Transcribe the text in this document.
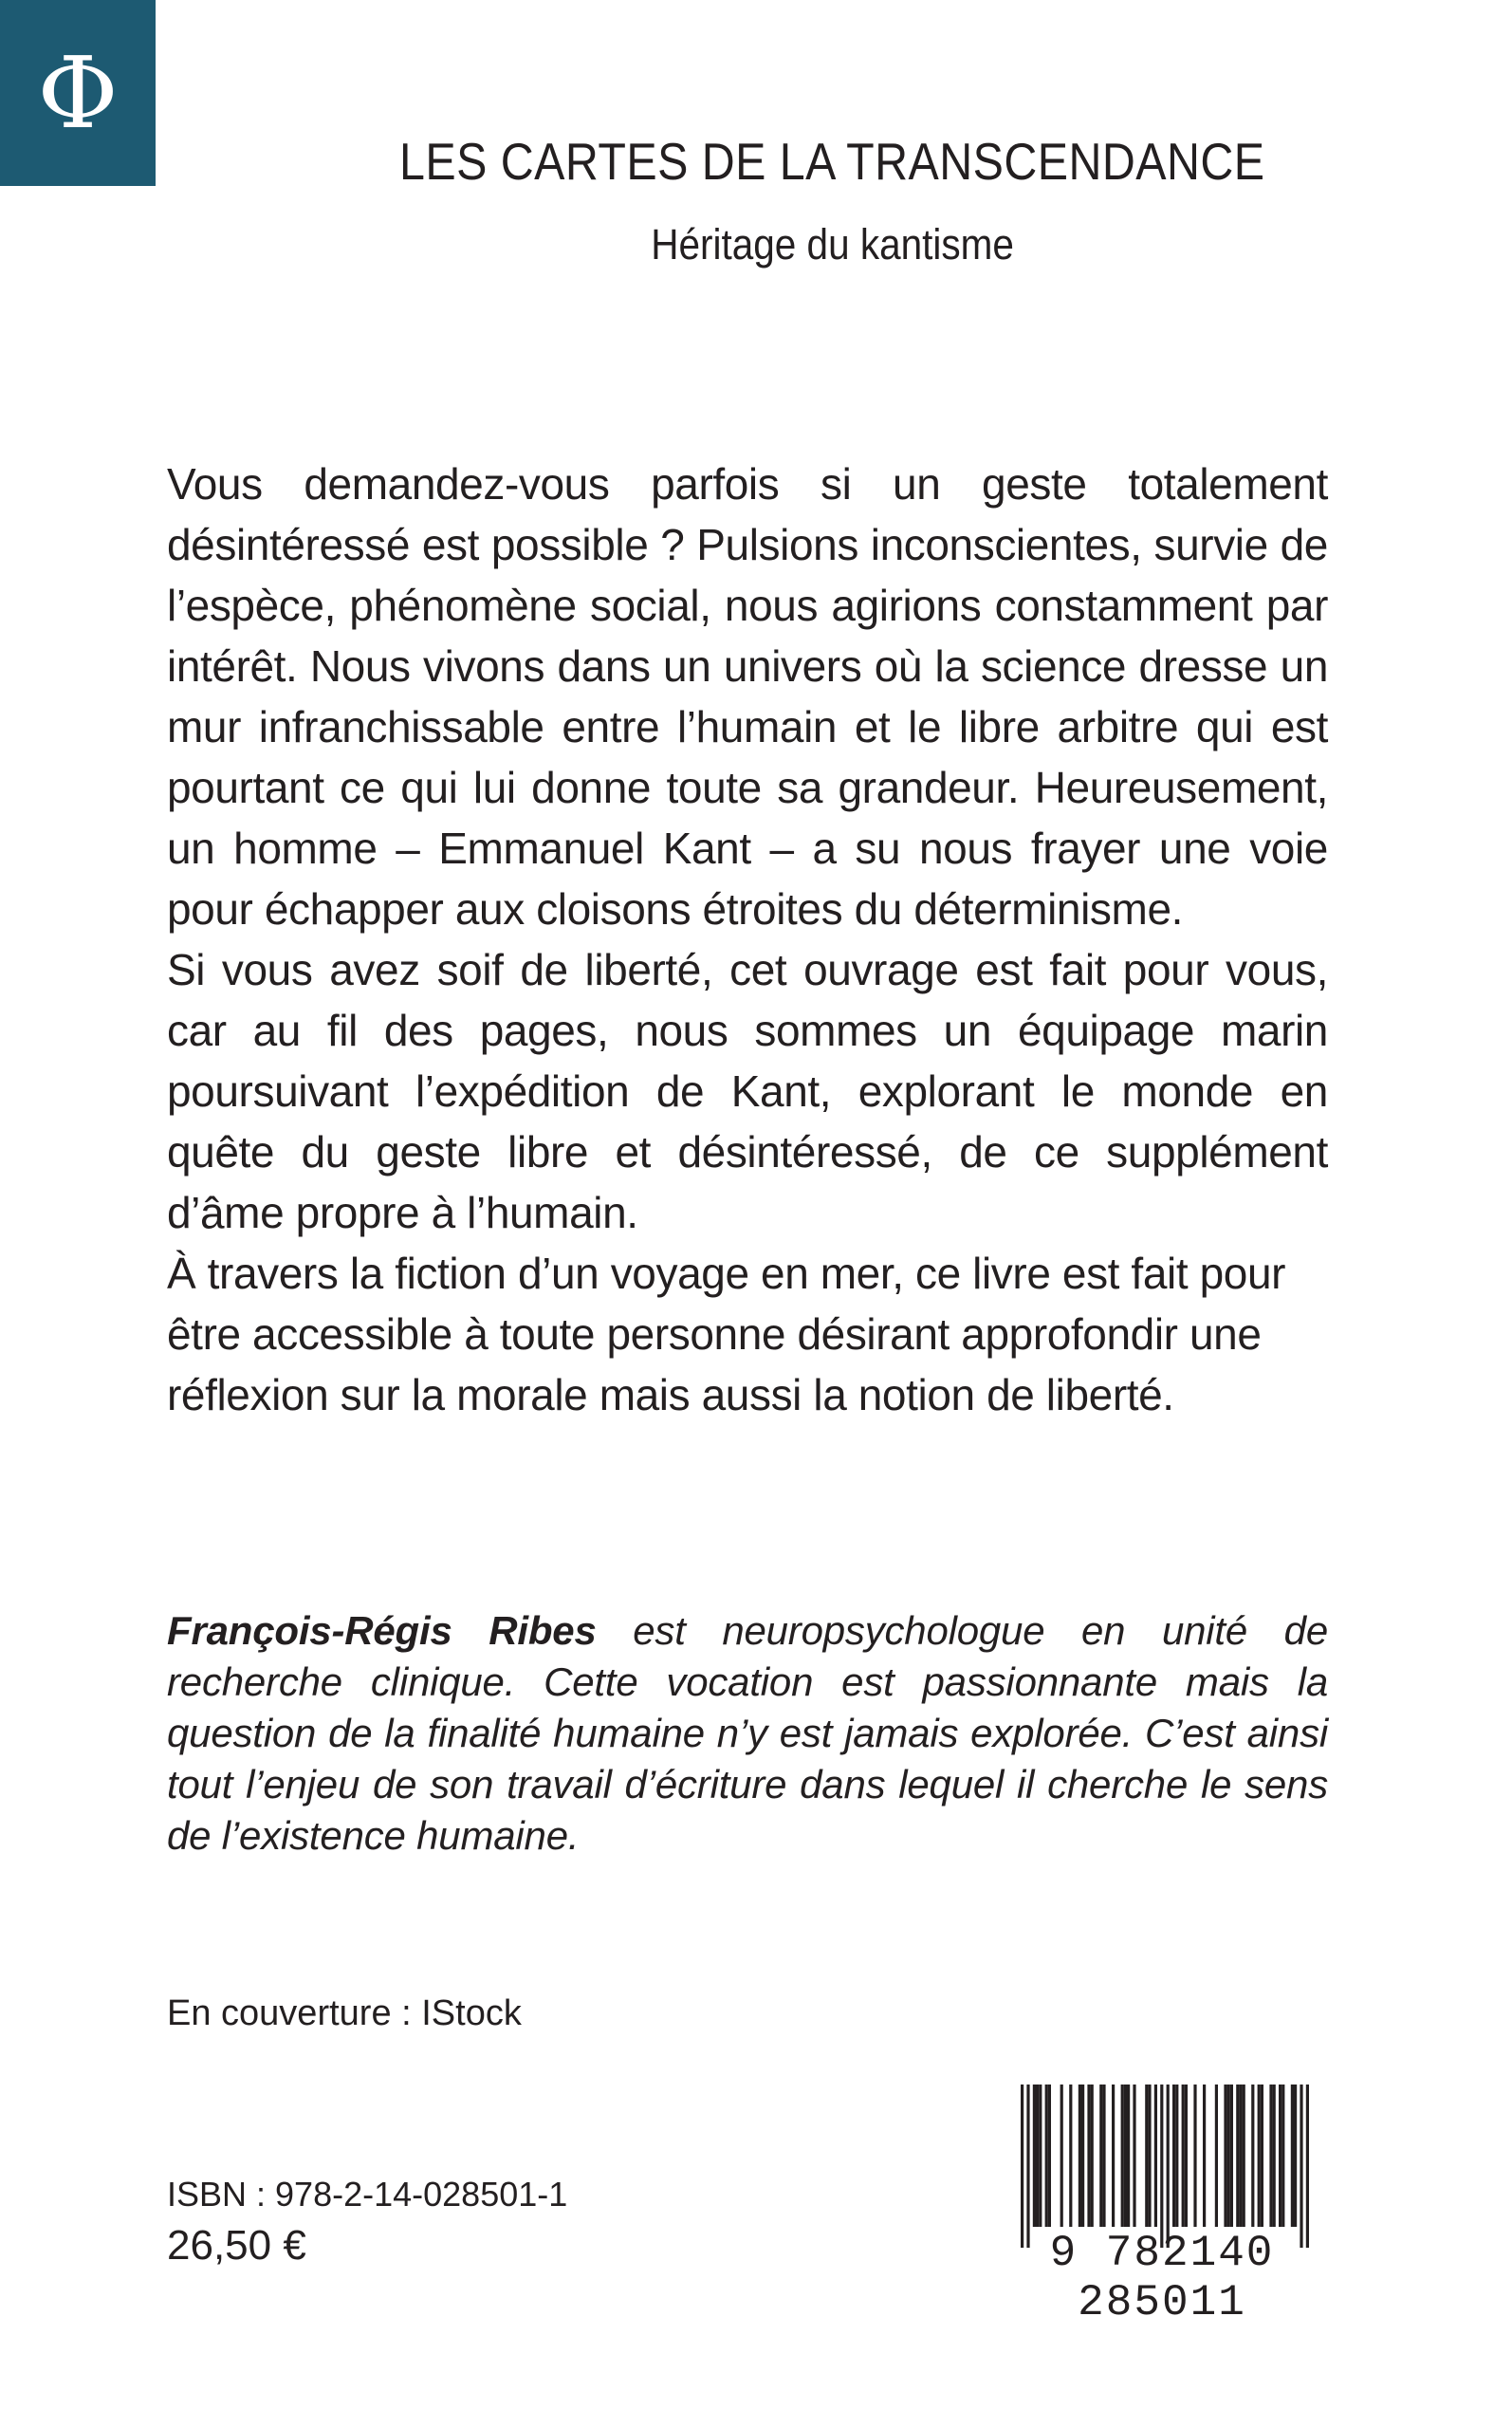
Φ
LES CARTES DE LA TRANSCENDANCE
Héritage du kantisme

Vous demandez-vous parfois si un geste totalement désintéressé est possible ? Pulsions inconscientes, survie de l’espèce, phénomène social, nous agirions constamment par intérêt. Nous vivons dans un univers où la science dresse un mur infranchissable entre l’humain et le libre arbitre qui est pourtant ce qui lui donne toute sa grandeur. Heureusement, un homme – Emmanuel Kant – a su nous frayer une voie pour échapper aux cloisons étroites du déterminisme.

Si vous avez soif de liberté, cet ouvrage est fait pour vous, car au fil des pages, nous sommes un équipage marin poursuivant l’expédition de Kant, explorant le monde en quête du geste libre et désintéressé, de ce supplément d’âme propre à l’humain.

À travers la fiction d’un voyage en mer, ce livre est fait pour être accessible à toute personne désirant approfondir une réflexion sur la morale mais aussi la notion de liberté.

François-Régis Ribes est neuropsychologue en unité de recherche clinique. Cette vocation est passionnante mais la question de la finalité humaine n’y est jamais explorée. C’est ainsi tout l’enjeu de son travail d’écriture dans lequel il cherche le sens de l’existence humaine.

En couverture : IStock
ISBN : 978-2-14-028501-1
26,50 €	9 782140 285011
